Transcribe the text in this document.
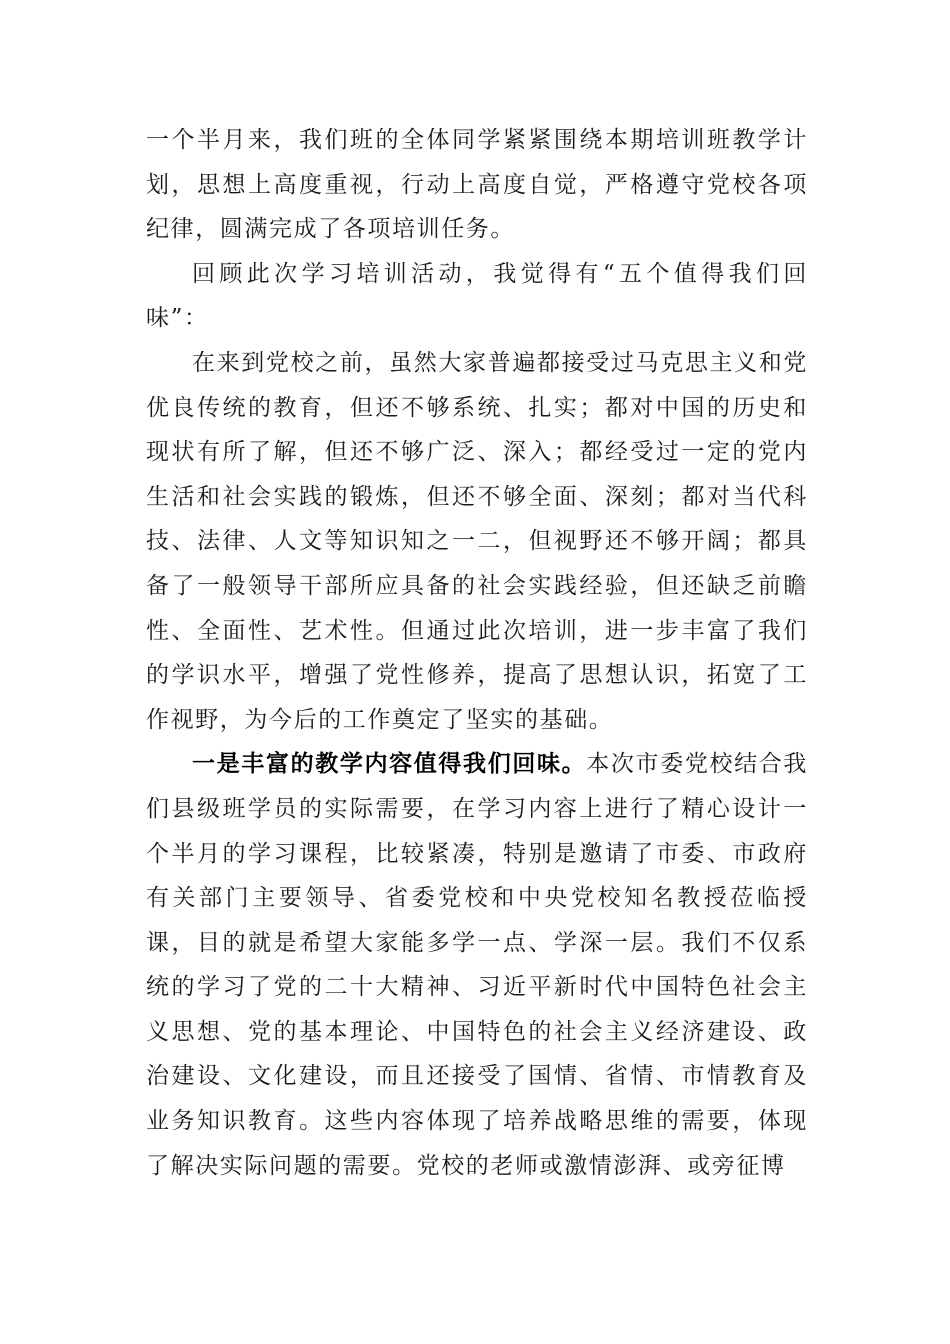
一个半月来，我们班的全体同学紧紧围绕本期培训班教学计划，思想上高度重视，行动上高度自觉，严格遵守党校各项纪律，圆满完成了各项培训任务。

回顾此次学习培训活动，我觉得有“五个值得我们回味”：

在来到党校之前，虽然大家普遍都接受过马克思主义和党优良传统的教育，但还不够系统、扎实；都对中国的历史和现状有所了解，但还不够广泛、深入；都经受过一定的党内生活和社会实践的锻炼，但还不够全面、深刻；都对当代科技、法律、人文等知识知之一二，但视野还不够开阔；都具备了一般领导干部所应具备的社会实践经验，但还缺乏前瞻性、全面性、艺术性。但通过此次培训，进一步丰富了我们的学识水平，增强了党性修养，提高了思想认识，拓宽了工作视野，为今后的工作奠定了坚实的基础。

一是丰富的教学内容值得我们回味。本次市委党校结合我们县级班学员的实际需要，在学习内容上进行了精心设计一个半月的学习课程，比较紧凑，特别是邀请了市委、市政府有关部门主要领导、省委党校和中央党校知名教授莅临授课，目的就是希望大家能多学一点、学深一层。我们不仅系统的学习了党的二十大精神、习近平新时代中国特色社会主义思想、党的基本理论、中国特色的社会主义经济建设、政治建设、文化建设，而且还接受了国情、省情、市情教育及业务知识教育。这些内容体现了培养战略思维的需要，体现了解决实际问题的需要。党校的老师或激情澎湃、或旁征博
